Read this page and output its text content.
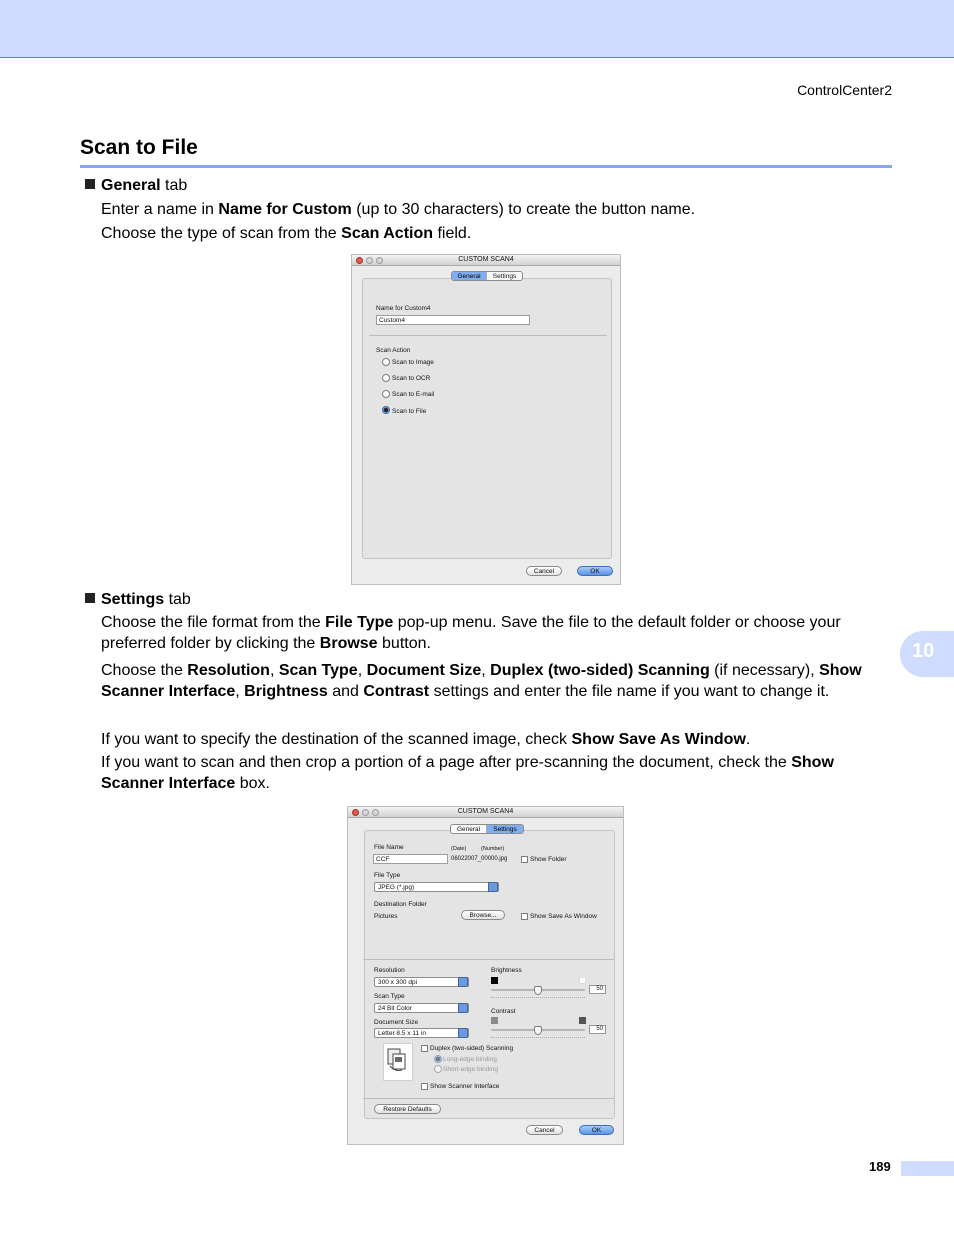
ControlCenter2
Scan to File
General tab
Enter a name in Name for Custom (up to 30 characters) to create the button name.
Choose the type of scan from the Scan Action field.
CUSTOM SCAN4
General	Settings
Name for Custom4
Custom4
Scan Action
Scan to Image
Scan to OCR
Scan to E-mail
Scan to File
Cancel	OK
Settings tab
Choose the file format from the File Type pop-up menu. Save the file to the default folder or choose your preferred folder by clicking the Browse button.
Choose the Resolution, Scan Type, Document Size, Duplex (two-sided) Scanning (if necessary), Show Scanner Interface, Brightness and Contrast settings and enter the file name if you want to change it.
If you want to specify the destination of the scanned image, check Show Save As Window.
If you want to scan and then crop a portion of a page after pre-scanning the document, check the Show Scanner Interface box.
CUSTOM SCAN4
General	Settings
File Name	(Date)	(Number)
CCF	06022007_00000.jpg	Show Folder
File Type
JPEG (*.jpg)
Destination Folder
Pictures	Browse...	Show Save As Window
Resolution
300 x 300 dpi
Scan Type
24 Bit Color
Document Size
Letter 8.5 x 11 in
Brightness
50
Contrast
50
Duplex (two-sided) Scanning
Long-edge binding
Short-edge binding
Show Scanner Interface
Restore Defaults
Cancel	OK
10
189
